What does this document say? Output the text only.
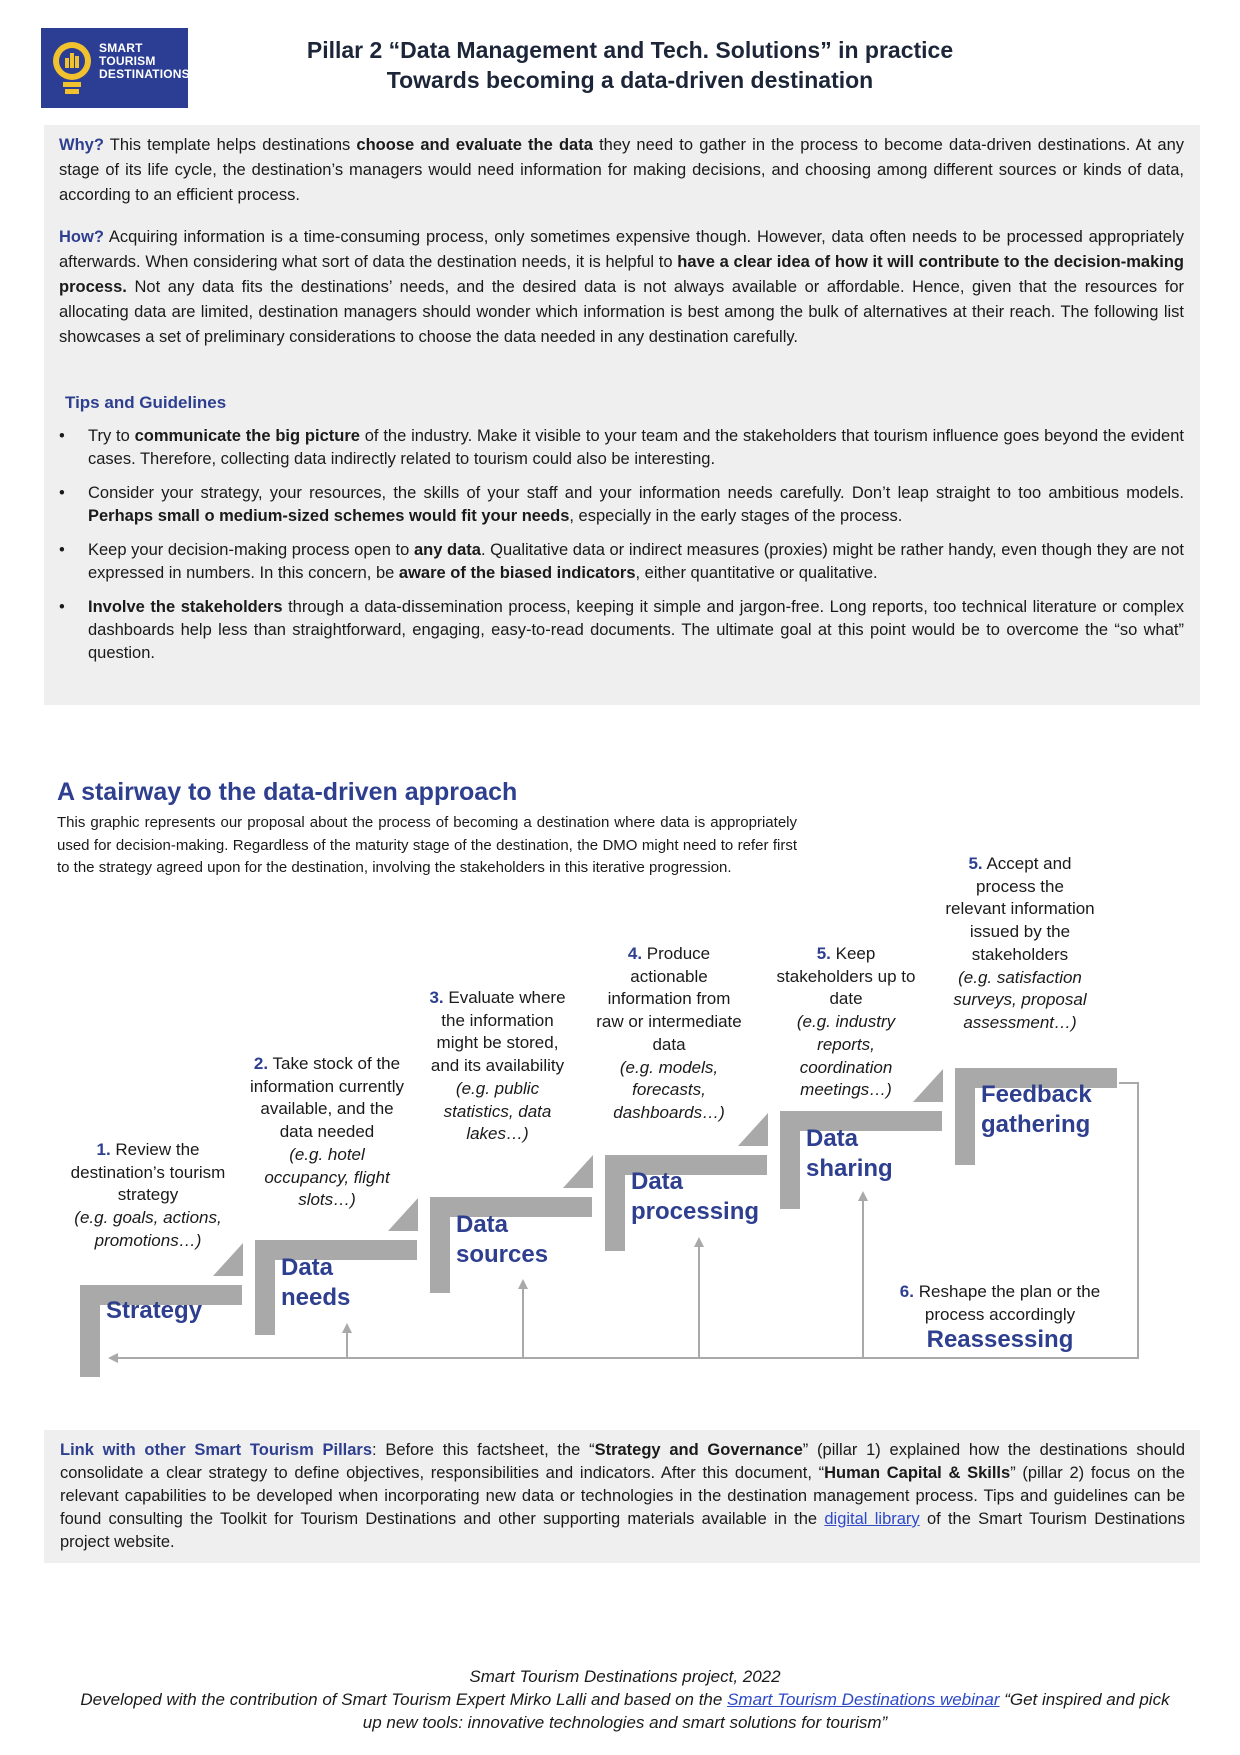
SMART
TOURISM
DESTINATIONS
Pillar 2 “Data Management and Tech. Solutions” in practice
Towards becoming a data-driven destination
Why? This template helps destinations choose and evaluate the data they need to gather in the process to become data-driven destinations. At any stage of its life cycle, the destination’s managers would need information for making decisions, and choosing among different sources or kinds of data, according to an efficient process.
How? Acquiring information is a time-consuming process, only sometimes expensive though. However, data often needs to be processed appropriately afterwards. When considering what sort of data the destination needs, it is helpful to have a clear idea of how it will contribute to the decision-making process. Not any data fits the destinations’ needs, and the desired data is not always available or affordable. Hence, given that the resources for allocating data are limited, destination managers should wonder which information is best among the bulk of alternatives at their reach. The following list showcases a set of preliminary considerations to choose the data needed in any destination carefully.
Tips and Guidelines
• Try to communicate the big picture of the industry. Make it visible to your team and the stakeholders that tourism influence goes beyond the evident cases. Therefore, collecting data indirectly related to tourism could also be interesting.
• Consider your strategy, your resources, the skills of your staff and your information needs carefully. Don’t leap straight to too ambitious models. Perhaps small o medium-sized schemes would fit your needs, especially in the early stages of the process.
• Keep your decision-making process open to any data. Qualitative data or indirect measures (proxies) might be rather handy, even though they are not expressed in numbers. In this concern, be aware of the biased indicators, either quantitative or qualitative.
• Involve the stakeholders through a data-dissemination process, keeping it simple and jargon-free. Long reports, too technical literature or complex dashboards help less than straightforward, engaging, easy-to-read documents. The ultimate goal at this point would be to overcome the “so what” question.
A stairway to the data-driven approach
This graphic represents our proposal about the process of becoming a destination where data is appropriately used for decision-making. Regardless of the maturity stage of the destination, the DMO might need to refer first to the strategy agreed upon for the destination, involving the stakeholders in this iterative progression.
1. Review the destination’s tourism strategy
(e.g. goals, actions, promotions…)
2. Take stock of the information currently available, and the data needed
(e.g. hotel occupancy, flight slots…)
3. Evaluate where the information might be stored, and its availability
(e.g. public statistics, data lakes…)
4. Produce actionable information from raw or intermediate data
(e.g. models, forecasts, dashboards…)
5. Keep stakeholders up to date
(e.g. industry reports, coordination meetings…)
5. Accept and process the relevant information issued by the stakeholders
(e.g. satisfaction surveys, proposal assessment…)
Strategy
Data needs
Data sources
Data processing
Data sharing
Feedback gathering
6. Reshape the plan or the process accordingly
Reassessing
Link with other Smart Tourism Pillars: Before this factsheet, the “Strategy and Governance” (pillar 1) explained how the destinations should consolidate a clear strategy to define objectives, responsibilities and indicators. After this document, “Human Capital & Skills” (pillar 2) focus on the relevant capabilities to be developed when incorporating new data or technologies in the destination management process. Tips and guidelines can be found consulting the Toolkit for Tourism Destinations and other supporting materials available in the digital library of the Smart Tourism Destinations project website.
Smart Tourism Destinations project, 2022
Developed with the contribution of Smart Tourism Expert Mirko Lalli and based on the Smart Tourism Destinations webinar “Get inspired and pick up new tools: innovative technologies and smart solutions for tourism”
